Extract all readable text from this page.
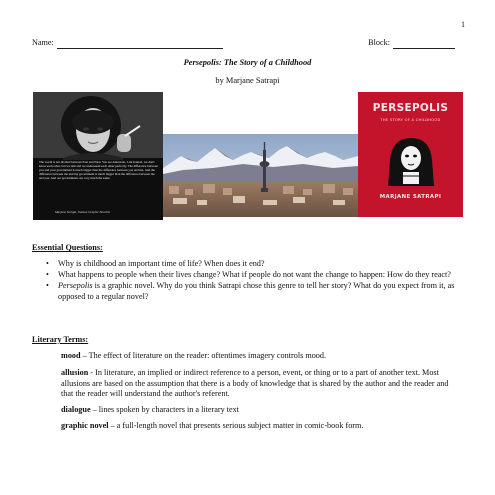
1
Name:	Block:
Persepolis: The Story of a Childhood
by Marjane Satrapi
The world is not divided between East and West. You are American, I am Iranian, we don't know each other, but we talk and we understand each other perfectly. The difference between you and your government is much bigger than the difference between you and me. And the difference between me and my government is much bigger than the difference between me and you. And our governments are very much the same.
Marjane Satrapi, Iranian Graphic Novelist
PERSEPOLIS
THE STORY OF A CHILDHOOD
MARJANE SATRAPI
Essential Questions:
• Why is childhood an important time of life? When does it end?
• What happens to people when their lives change? What if people do not want the change to happen: How do they react?
• Persepolis is a graphic novel. Why do you think Satrapi chose this genre to tell her story? What do you expect from it, as opposed to a regular novel?
Literary Terms:
mood – The effect of literature on the reader: oftentimes imagery controls mood.
allusion - In literature, an implied or indirect reference to a person, event, or thing or to a part of another text. Most allusions are based on the assumption that there is a body of knowledge that is shared by the author and the reader and that the reader will understand the author's referent.
dialogue – lines spoken by characters in a literary text
graphic novel – a full-length novel that presents serious subject matter in comic-book form.
